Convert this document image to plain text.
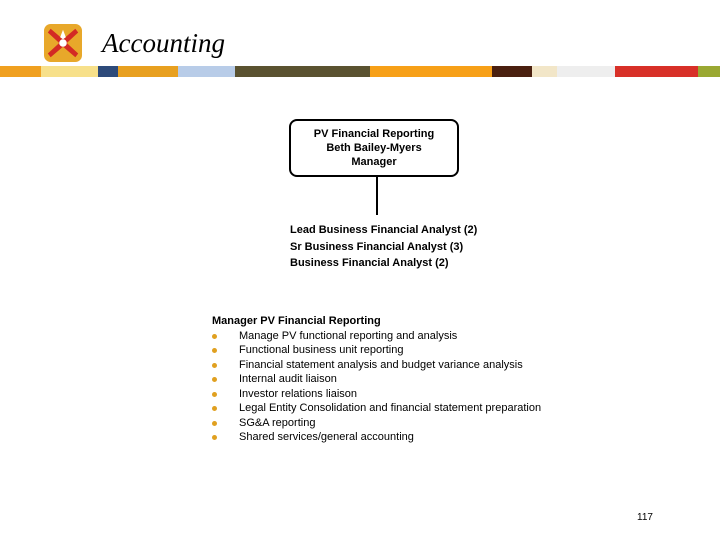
Accounting
PV Financial Reporting
Beth Bailey-Myers
Manager
Lead Business Financial Analyst (2)
Sr Business Financial Analyst (3)
Business Financial Analyst (2)
Manager PV Financial Reporting
Manage PV functional reporting and analysis
Functional business unit reporting
Financial statement analysis and budget variance analysis
Internal audit liaison
Investor relations liaison
Legal Entity Consolidation and financial statement preparation
SG&A reporting
Shared services/general accounting
117
